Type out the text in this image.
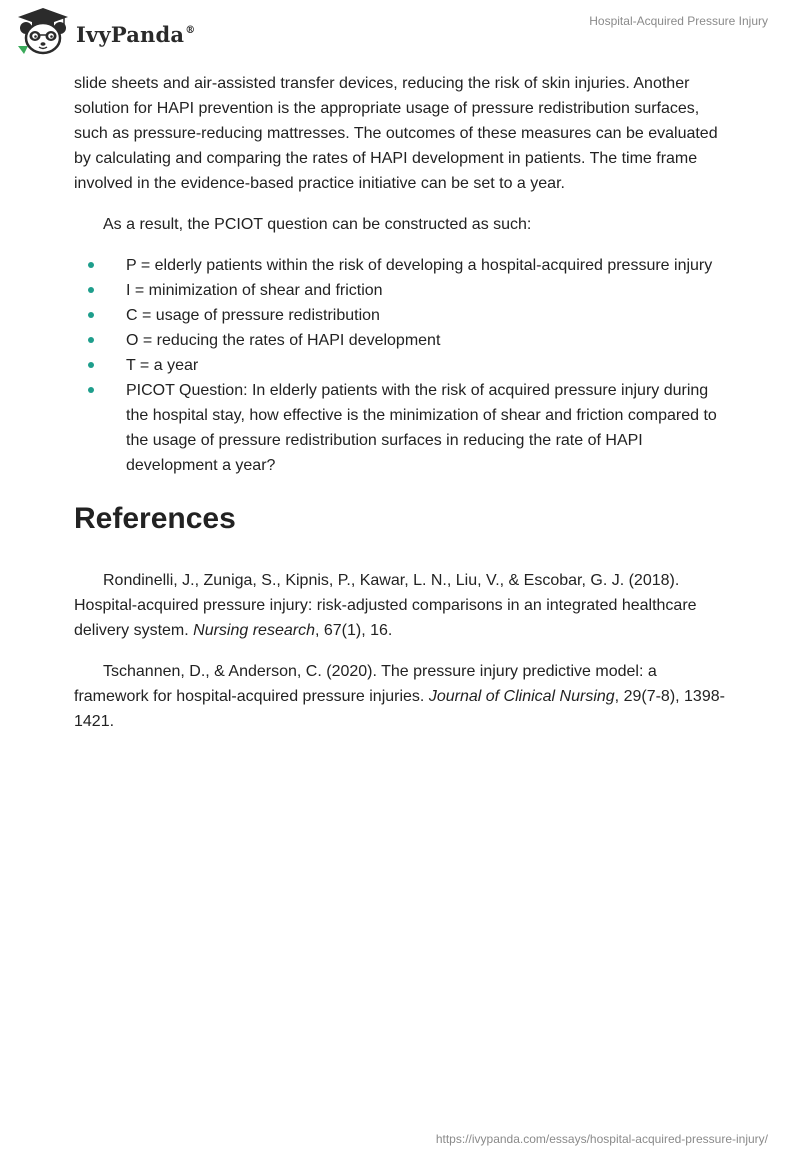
IvyPanda®
Hospital-Acquired Pressure Injury

slide sheets and air-assisted transfer devices, reducing the risk of skin injuries. Another solution for HAPI prevention is the appropriate usage of pressure redistribution surfaces, such as pressure-reducing mattresses. The outcomes of these measures can be evaluated by calculating and comparing the rates of HAPI development in patients. The time frame involved in the evidence-based practice initiative can be set to a year.

As a result, the PCIOT question can be constructed as such:

P = elderly patients within the risk of developing a hospital-acquired pressure injury
I = minimization of shear and friction
C = usage of pressure redistribution
O = reducing the rates of HAPI development
T = a year
PICOT Question: In elderly patients with the risk of acquired pressure injury during the hospital stay, how effective is the minimization of shear and friction compared to the usage of pressure redistribution surfaces in reducing the rate of HAPI development a year?
References

Rondinelli, J., Zuniga, S., Kipnis, P., Kawar, L. N., Liu, V., & Escobar, G. J. (2018). Hospital-acquired pressure injury: risk-adjusted comparisons in an integrated healthcare delivery system. Nursing research, 67(1), 16.

Tschannen, D., & Anderson, C. (2020). The pressure injury predictive model: a framework for hospital-acquired pressure injuries. Journal of Clinical Nursing, 29(7-8), 1398-1421.

https://ivypanda.com/essays/hospital-acquired-pressure-injury/
